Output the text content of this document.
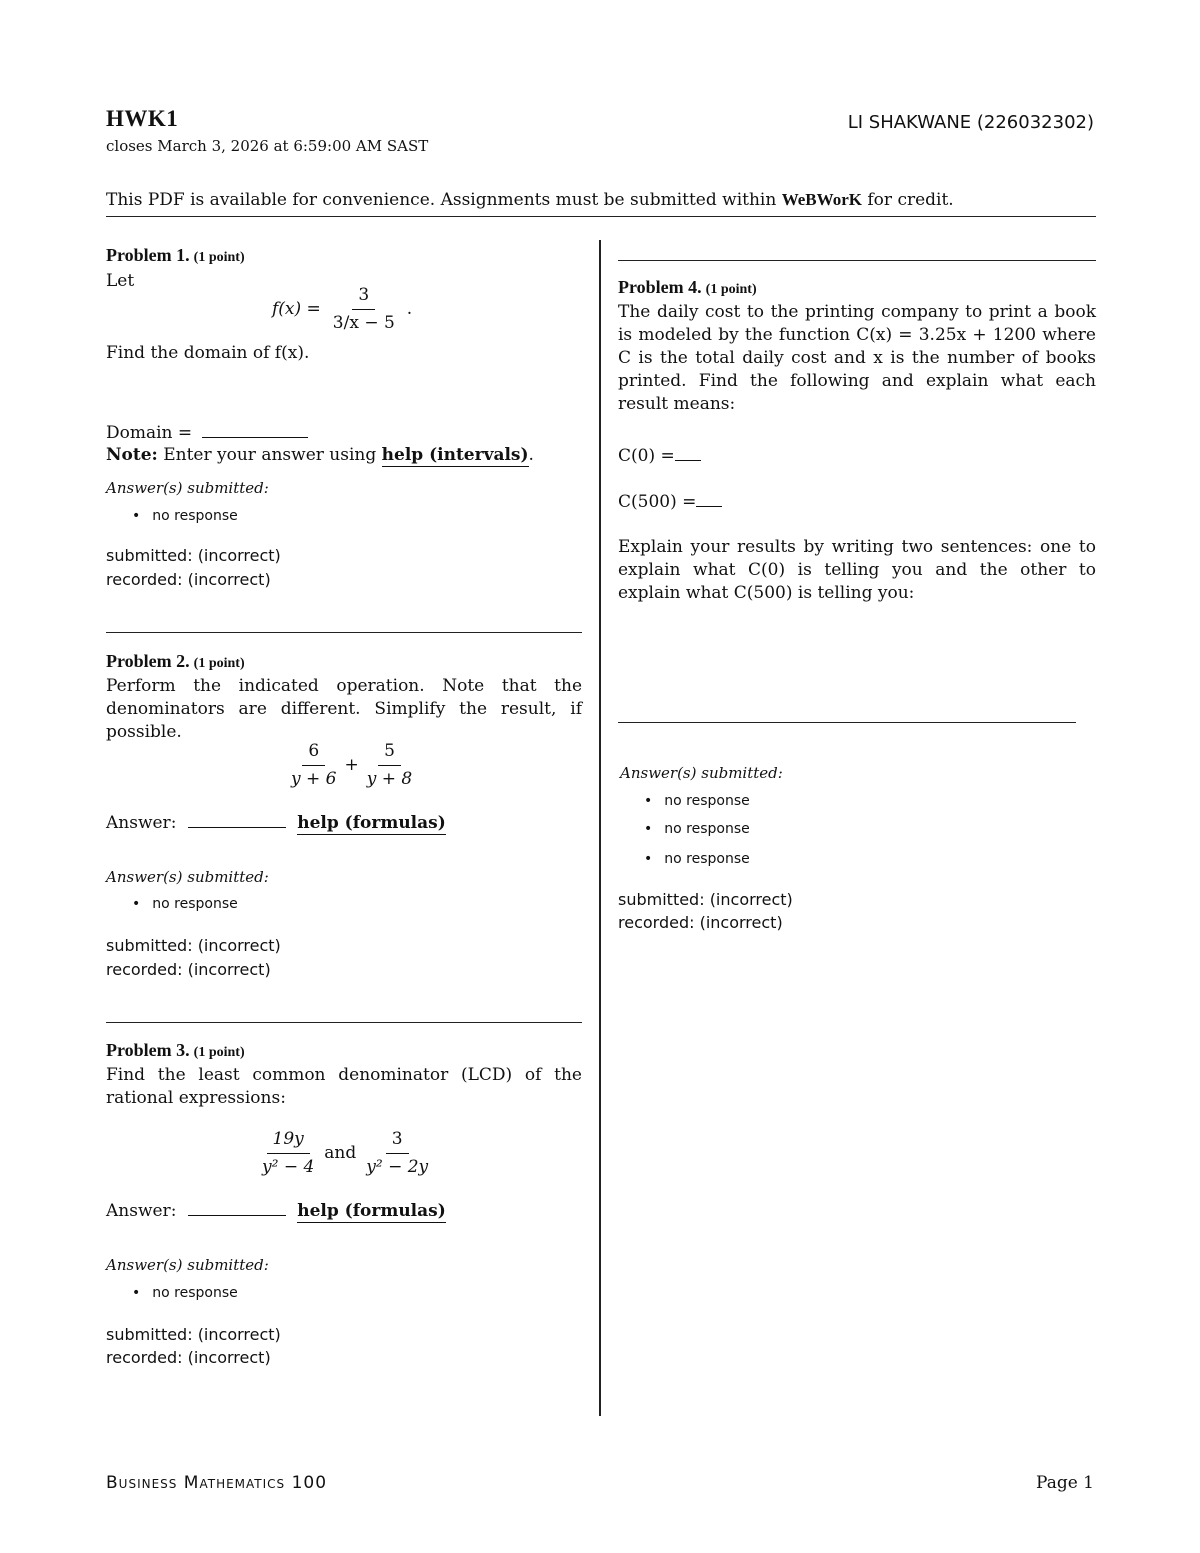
HWK1
closes March 3, 2026 at 6:59:00 AM SAST
LI SHAKWANE (226032302)
This PDF is available for convenience. Assignments must be submitted within WeBWorK for credit.
Problem 1. (1 point)
Let
$f(x) = \frac{3}{3/x - 5}$ .
Find the domain of f(x).
Domain =
Note: Enter your answer using help (intervals).
Answer(s) submitted:
• no response
submitted: (incorrect)
recorded: (incorrect)
Problem 2. (1 point)
Perform the indicated operation. Note that the denominators are different. Simplify the result, if possible.
$\frac{6}{y + 6} + \frac{5}{y + 8}$
Answer:	help (formulas)
Answer(s) submitted:
• no response
submitted: (incorrect)
recorded: (incorrect)
Problem 3. (1 point)
Find the least common denominator (LCD) of the rational expressions:
$\frac{19y}{\text{y² − 4}}$ and $\frac{3}{\text{y² − 2y}}$
Answer:	help (formulas)
Answer(s) submitted:
• no response
submitted: (incorrect)
recorded: (incorrect)
Problem 4. (1 point)
The daily cost to the printing company to print a book is modeled by the function C(x) = 3.25x + 1200 where C is the total daily cost and x is the number of books printed. Find the following and explain what each result means:
C(0) =
C(500) =
Explain your results by writing two sentences: one to explain what C(0) is telling you and the other to explain what C(500) is telling you:
Answer(s) submitted:
• no response
• no response
• no response
submitted: (incorrect)
recorded: (incorrect)
Business Mathematics 100	Page 1
